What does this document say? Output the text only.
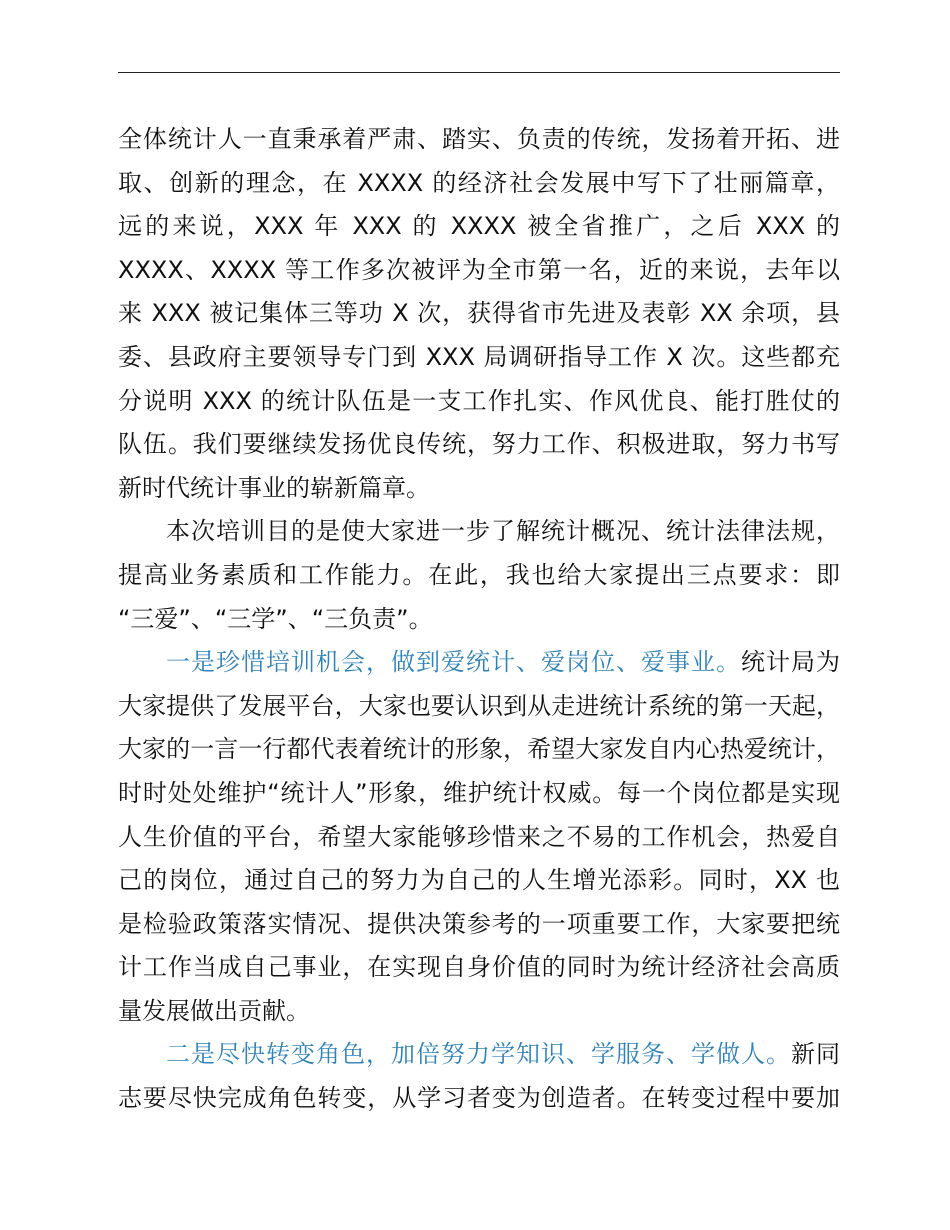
全体统计人一直秉承着严肃、踏实、负责的传统，发扬着开拓、进
取、创新的理念，在 XXXX 的经济社会发展中写下了壮丽篇章，
远的来说，XXX 年 XXX 的 XXXX 被全省推广，之后 XXX 的
XXXX、XXXX 等工作多次被评为全市第一名，近的来说，去年以
来 XXX 被记集体三等功 X 次，获得省市先进及表彰 XX 余项，县
委、县政府主要领导专门到 XXX 局调研指导工作 X 次。这些都充
分说明 XXX 的统计队伍是一支工作扎实、作风优良、能打胜仗的
队伍。我们要继续发扬优良传统，努力工作、积极进取，努力书写
新时代统计事业的崭新篇章。
本次培训目的是使大家进一步了解统计概况、统计法律法规，
提高业务素质和工作能力。在此，我也给大家提出三点要求：即
“三爱”、“三学”、“三负责”。
一是珍惜培训机会，做到爱统计、爱岗位、爱事业。统计局为
大家提供了发展平台，大家也要认识到从走进统计系统的第一天起，
大家的一言一行都代表着统计的形象，希望大家发自内心热爱统计，
时时处处维护“统计人”形象，维护统计权威。每一个岗位都是实现
人生价值的平台，希望大家能够珍惜来之不易的工作机会，热爱自
己的岗位，通过自己的努力为自己的人生增光添彩。同时，XX 也
是检验政策落实情况、提供决策参考的一项重要工作，大家要把统
计工作当成自己事业，在实现自身价值的同时为统计经济社会高质
量发展做出贡献。
二是尽快转变角色，加倍努力学知识、学服务、学做人。新同
志要尽快完成角色转变，从学习者变为创造者。在转变过程中要加
